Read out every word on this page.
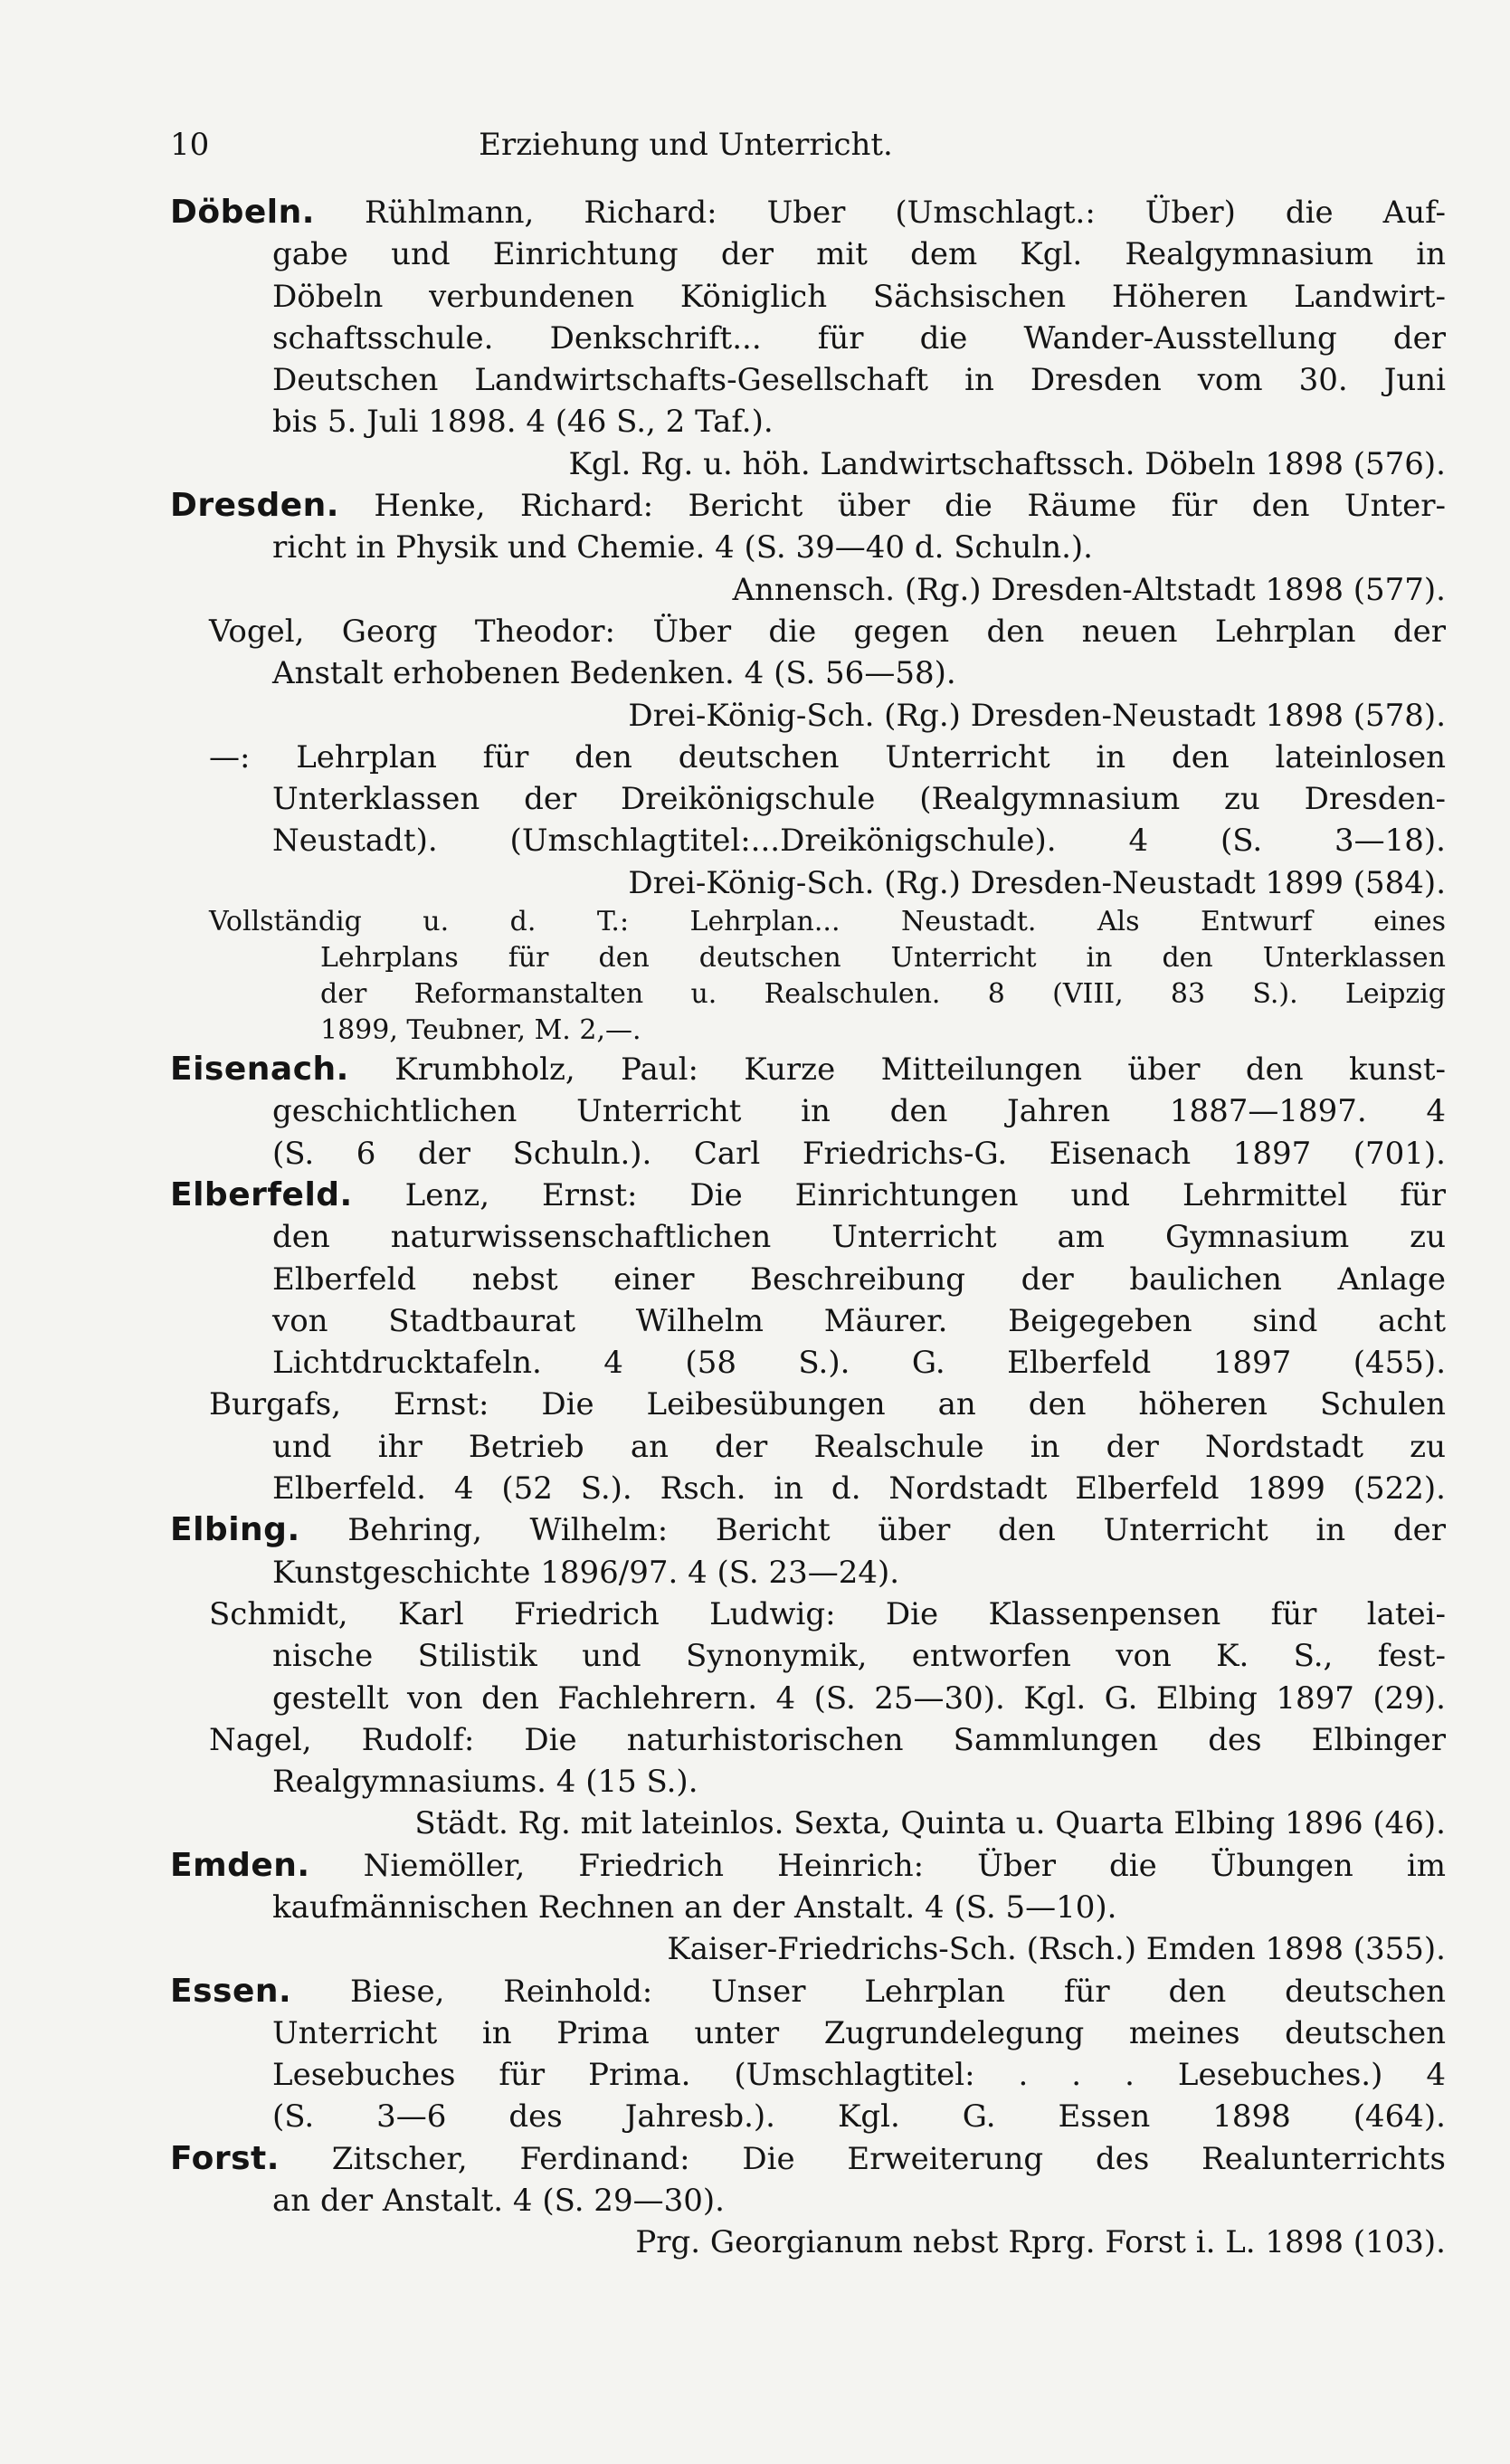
10	Erziehung und Unterricht.
Döbeln. Rühlmann, Richard: Uber (Umschlagt.: Über) die Auf-
gabe und Einrichtung der mit dem Kgl. Realgymnasium in
Döbeln verbundenen Königlich Sächsischen Höheren Landwirt-
schaftsschule. Denkschrift... für die Wander-Ausstellung der
Deutschen Landwirtschafts-Gesellschaft in Dresden vom 30. Juni
bis 5. Juli 1898. 4 (46 S., 2 Taf.).
Kgl. Rg. u. höh. Landwirtschaftssch. Döbeln 1898 (576).
Dresden. Henke, Richard: Bericht über die Räume für den Unter-
richt in Physik und Chemie. 4 (S. 39—40 d. Schuln.).
Annensch. (Rg.) Dresden-Altstadt 1898 (577).
Vogel, Georg Theodor: Über die gegen den neuen Lehrplan der
Anstalt erhobenen Bedenken. 4 (S. 56—58).
Drei-König-Sch. (Rg.) Dresden-Neustadt 1898 (578).
—: Lehrplan für den deutschen Unterricht in den lateinlosen
Unterklassen der Dreikönigschule (Realgymnasium zu Dresden-
Neustadt). (Umschlagtitel:...Dreikönigschule). 4 (S. 3—18).
Drei-König-Sch. (Rg.) Dresden-Neustadt 1899 (584).
Vollständig u. d. T.: Lehrplan... Neustadt. Als Entwurf eines
Lehrplans für den deutschen Unterricht in den Unterklassen
der Reformanstalten u. Realschulen. 8 (VIII, 83 S.). Leipzig
1899, Teubner, M. 2,—.
Eisenach. Krumbholz, Paul: Kurze Mitteilungen über den kunst-
geschichtlichen Unterricht in den Jahren 1887—1897. 4
(S. 6 der Schuln.). Carl Friedrichs-G. Eisenach 1897 (701).
Elberfeld. Lenz, Ernst: Die Einrichtungen und Lehrmittel für
den naturwissenschaftlichen Unterricht am Gymnasium zu
Elberfeld nebst einer Beschreibung der baulichen Anlage
von Stadtbaurat Wilhelm Mäurer. Beigegeben sind acht
Lichtdrucktafeln. 4 (58 S.). G. Elberfeld 1897 (455).
Burgafs, Ernst: Die Leibesübungen an den höheren Schulen
und ihr Betrieb an der Realschule in der Nordstadt zu
Elberfeld. 4 (52 S.). Rsch. in d. Nordstadt Elberfeld 1899 (522).
Elbing. Behring, Wilhelm: Bericht über den Unterricht in der
Kunstgeschichte 1896/97. 4 (S. 23—24).
Schmidt, Karl Friedrich Ludwig: Die Klassenpensen für latei-
nische Stilistik und Synonymik, entworfen von K. S., fest-
gestellt von den Fachlehrern. 4 (S. 25—30). Kgl. G. Elbing 1897 (29).
Nagel, Rudolf: Die naturhistorischen Sammlungen des Elbinger
Realgymnasiums. 4 (15 S.).
Städt. Rg. mit lateinlos. Sexta, Quinta u. Quarta Elbing 1896 (46).
Emden. Niemöller, Friedrich Heinrich: Über die Übungen im
kaufmännischen Rechnen an der Anstalt. 4 (S. 5—10).
Kaiser-Friedrichs-Sch. (Rsch.) Emden 1898 (355).
Essen. Biese, Reinhold: Unser Lehrplan für den deutschen
Unterricht in Prima unter Zugrundelegung meines deutschen
Lesebuches für Prima. (Umschlagtitel: . . . Lesebuches.) 4
(S. 3—6 des Jahresb.). Kgl. G. Essen 1898 (464).
Forst. Zitscher, Ferdinand: Die Erweiterung des Realunterrichts
an der Anstalt. 4 (S. 29—30).
Prg. Georgianum nebst Rprg. Forst i. L. 1898 (103).
